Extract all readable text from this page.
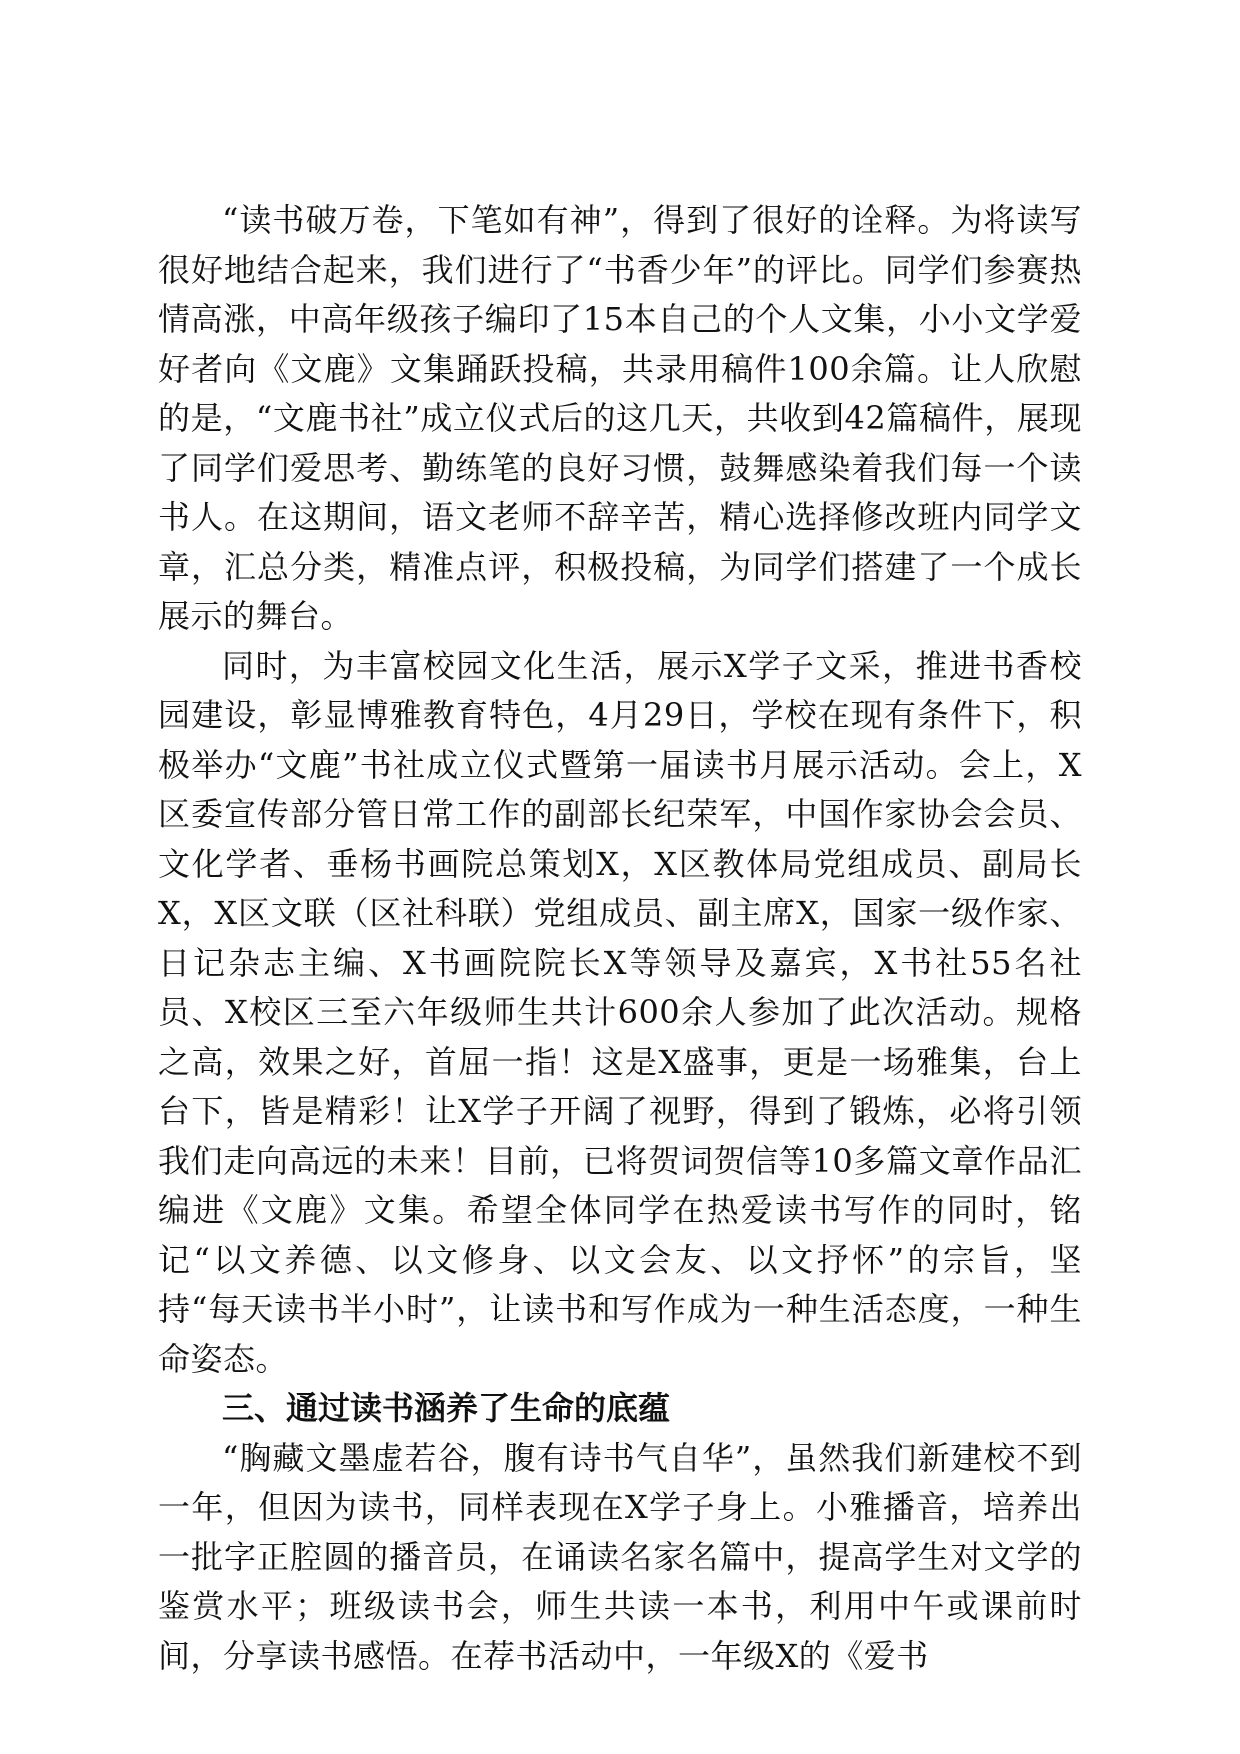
“读书破万卷，下笔如有神”，得到了很好的诠释。为将读写很好地结合起来，我们进行了“书香少年”的评比。同学们参赛热情高涨，中高年级孩子编印了15本自己的个人文集，小小文学爱好者向《文鹿》文集踊跃投稿，共录用稿件100余篇。让人欣慰的是，“文鹿书社”成立仪式后的这几天，共收到42篇稿件，展现了同学们爱思考、勤练笔的良好习惯，鼓舞感染着我们每一个读书人。在这期间，语文老师不辞辛苦，精心选择修改班内同学文章，汇总分类，精准点评，积极投稿，为同学们搭建了一个成长展示的舞台。

同时，为丰富校园文化生活，展示X学子文采，推进书香校园建设，彰显博雅教育特色，4月29日，学校在现有条件下，积极举办“文鹿”书社成立仪式暨第一届读书月展示活动。会上，X区委宣传部分管日常工作的副部长纪荣军，中国作家协会会员、文化学者、垂杨书画院总策划X，X区教体局党组成员、副局长X，X区文联（区社科联）党组成员、副主席X，国家一级作家、日记杂志主编、X书画院院长X等领导及嘉宾，X书社55名社员、X校区三至六年级师生共计600余人参加了此次活动。规格之高，效果之好，首屈一指！这是X盛事，更是一场雅集，台上台下，皆是精彩！让X学子开阔了视野，得到了锻炼，必将引领我们走向高远的未来！目前，已将贺词贺信等10多篇文章作品汇编进《文鹿》文集。希望全体同学在热爱读书写作的同时，铭记“以文养德、以文修身、以文会友、以文抒怀”的宗旨，坚持“每天读书半小时”，让读书和写作成为一种生活态度，一种生命姿态。

三、通过读书涵养了生命的底蕴

“胸藏文墨虚若谷，腹有诗书气自华”，虽然我们新建校不到一年，但因为读书，同样表现在X学子身上。小雅播音，培养出一批字正腔圆的播音员，在诵读名家名篇中，提高学生对文学的鉴赏水平；班级读书会，师生共读一本书，利用中午或课前时间，分享读书感悟。在荐书活动中，一年级X的《爱书
